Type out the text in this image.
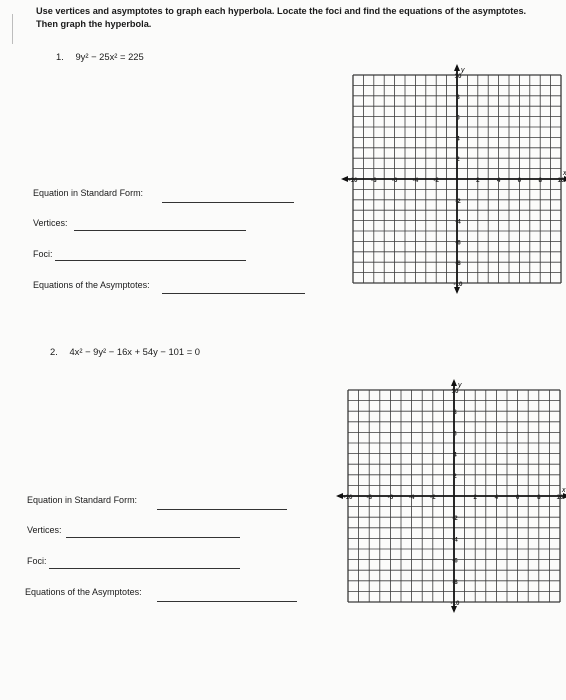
Use vertices and asymptotes to graph each hyperbola. Locate the foci and find the equations of the asymptotes.
Then graph the hyperbola.
1. 9y² − 25x² = 225
Equation in Standard Form:
Vertices:
Foci:
Equations of the Asymptotes:
y
-10 -8 -6 -4 -2	2	4	6	8	10
10
8
6
4
2
-2
-4
-6
-8
-10
2. 4x² − 9y² − 16x + 54y − 101 = 0
Equation in Standard Form:
Vertices:
Foci:
Equations of the Asymptotes:
x
y
-10 -8	-6	-4	-2	2	4	6	8	10
10
8
6
4
2
-2
-4
-6
-8
-10
